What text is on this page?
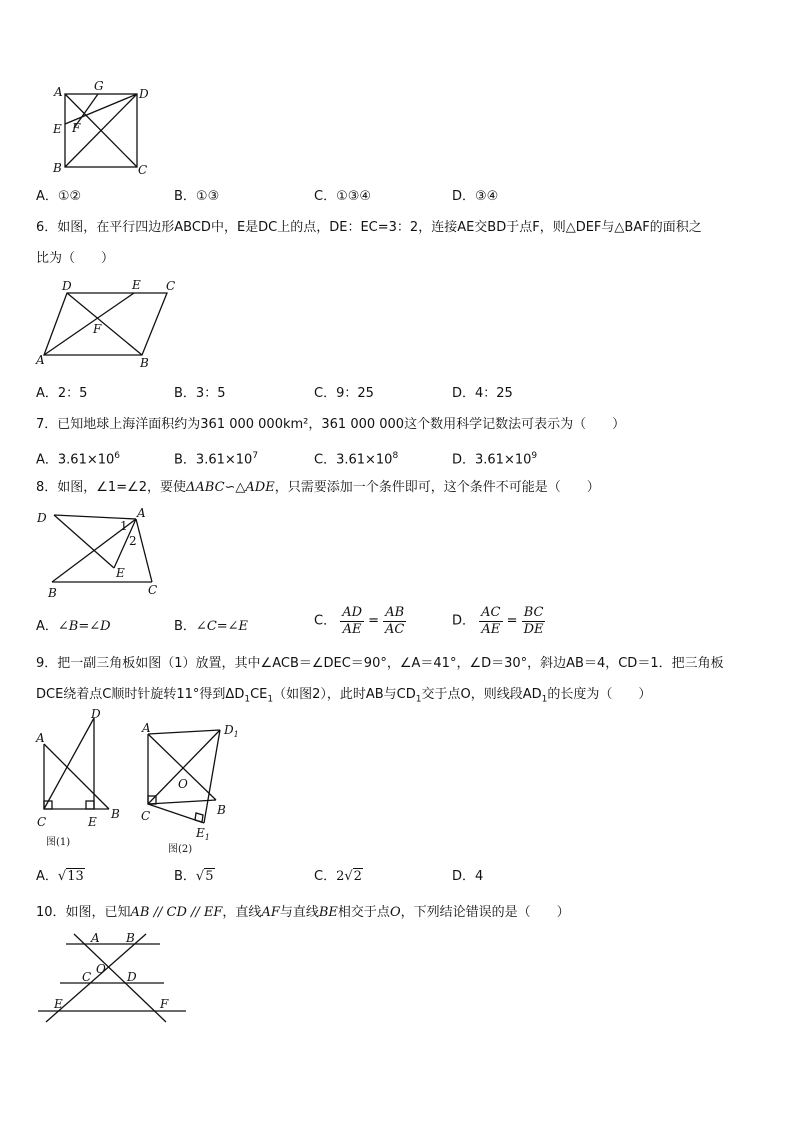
A	G
D
E F
B	C
A．①②	B．①③	C．①③④	D．③④
6．如图，在平行四边形ABCD中，E是DC上的点，DE：EC=3：2，连接AE交BD于点F，则△DEF与△BAF的面积之
比为（　　）
D	E C
F
A	B
A．2：5	B．3：5	C．9：25	D．4：25
7．已知地球上海洋面积约为361 000 000km²，361 000 000这个数用科学记数法可表示为（　　）
A．$3.61\times 10^6$	B．$3.61\times 10^7$	C．$3.61\times 10^8$	D．$3.61\times 10^9$
8．如图，∠1=∠2，要使ΔABC∽△ADE，只需要添加一个条件即可，这个条件不可能是（　　）
D	A
1
2
E
B	C
A．∠B=∠D	B．∠C=∠E	C． $\frac{AD}{AE} = \frac{AB}{AC}$	D． $\frac{AC}{AE} = \frac{BC}{DE}$
9．把一副三角板如图（1）放置，其中∠ACB＝∠DEC＝90°，∠A＝41°，∠D＝30°，斜边AB＝4，CD＝1．把三角板
DCE绕着点C顺时针旋转11°得到$\Delta D_1CE_1$（如图2），此时AB与$CD_1$交于点O，则线段$AD_1$的长度为（　　）
D
A
C	E
B
图(1)
A	$D_1$
O
B
C
$E_1$
图(2)
A．√13	B．√5	C．2√2	D．4
10．如图，已知AB // CD // EF，直线AF与直线BE相交于点O，下列结论错误的是（　　）
A B
C
O
D
E	F
